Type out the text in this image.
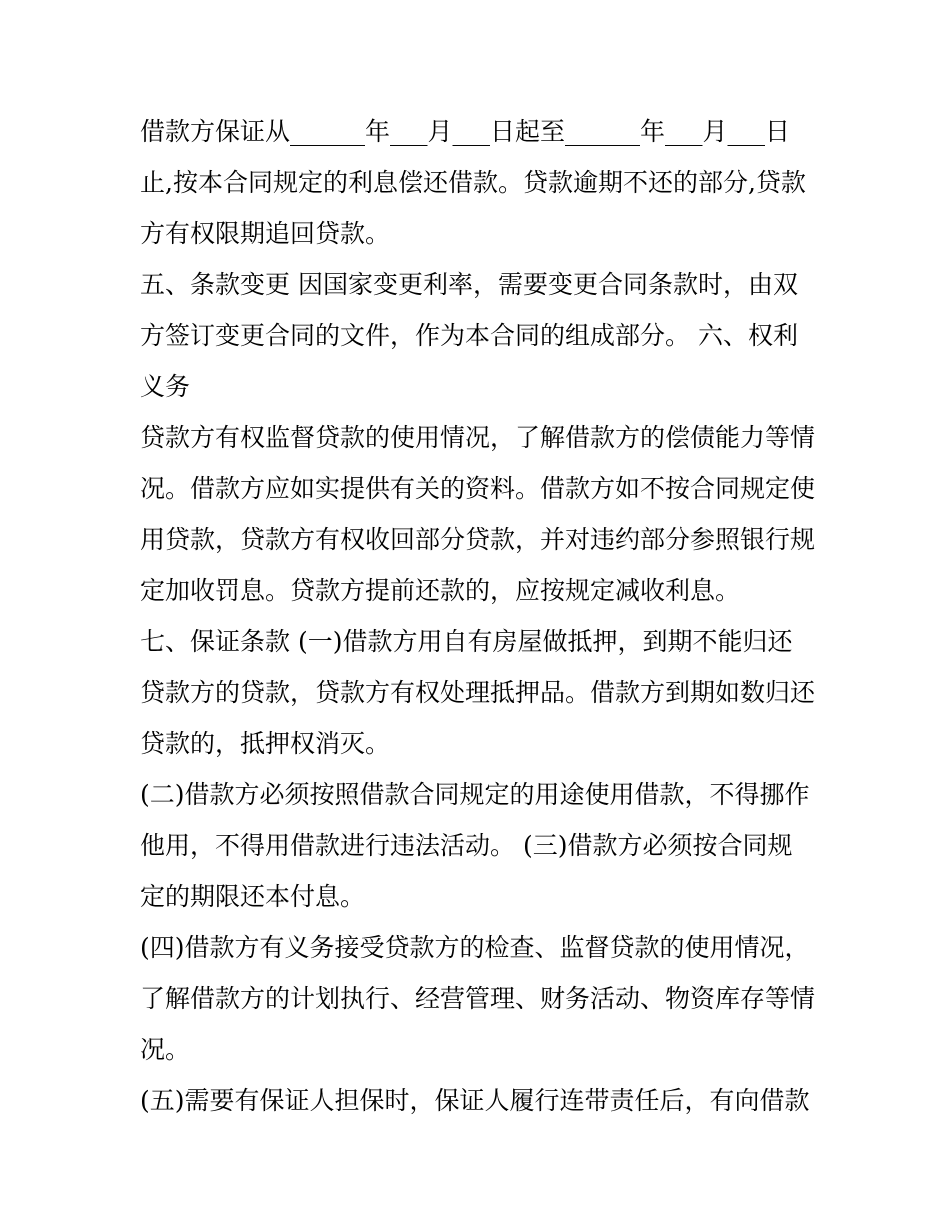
借款方保证从______年___月___日起至______年___月___日
止,按本合同规定的利息偿还借款。贷款逾期不还的部分,贷款
方有权限期追回贷款。
五、条款变更 因国家变更利率，需要变更合同条款时，由双
方签订变更合同的文件，作为本合同的组成部分。 六、权利
义务
贷款方有权监督贷款的使用情况，了解借款方的偿债能力等情
况。借款方应如实提供有关的资料。借款方如不按合同规定使
用贷款，贷款方有权收回部分贷款，并对违约部分参照银行规
定加收罚息。贷款方提前还款的，应按规定减收利息。
七、保证条款 (一)借款方用自有房屋做抵押，到期不能归还
贷款方的贷款，贷款方有权处理抵押品。借款方到期如数归还
贷款的，抵押权消灭。
(二)借款方必须按照借款合同规定的用途使用借款，不得挪作
他用，不得用借款进行违法活动。 (三)借款方必须按合同规
定的期限还本付息。
(四)借款方有义务接受贷款方的检查、监督贷款的使用情况，
了解借款方的计划执行、经营管理、财务活动、物资库存等情
况。
(五)需要有保证人担保时，保证人履行连带责任后，有向借款
